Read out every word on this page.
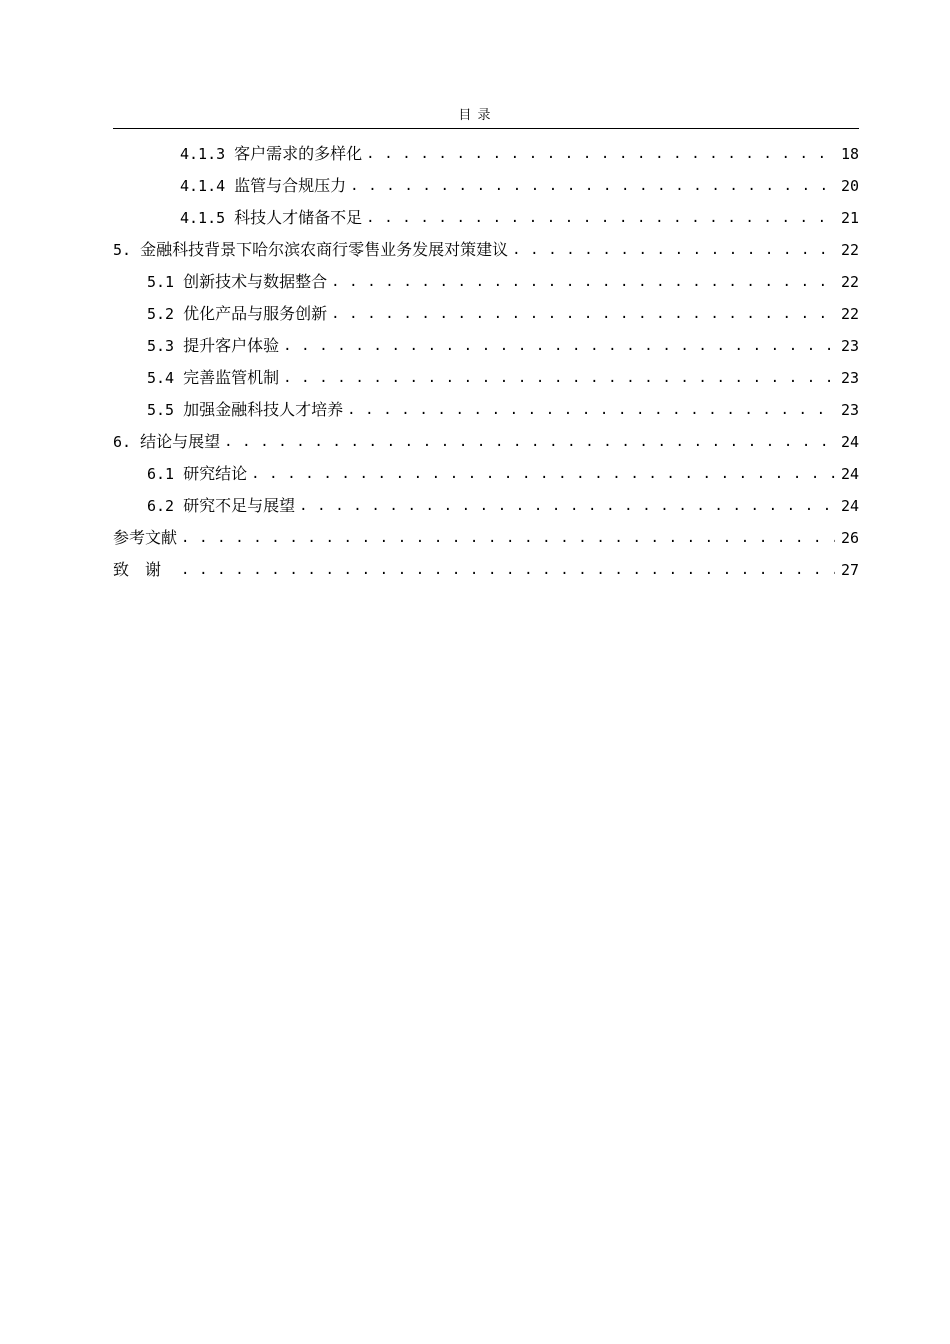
目 录
4.1.3 客户需求的多样化 . . .	18
4.1.4 监管与合规压力 . . .	20
4.1.5 科技人才储备不足 . . .	21
5. 金融科技背景下哈尔滨农商行零售业务发展对策建议 . . .	22
5.1 创新技术与数据整合 . . .	22
5.2 优化产品与服务创新 . . .	22
5.3 提升客户体验 . . .	23
5.4 完善监管机制 . . .	23
5.5 加强金融科技人才培养 . . .	23
6. 结论与展望 . . .	24
6.1 研究结论 . . .	24
6.2 研究不足与展望 . . .	24
参考文献 . . .	26
致谢 . . .	27
